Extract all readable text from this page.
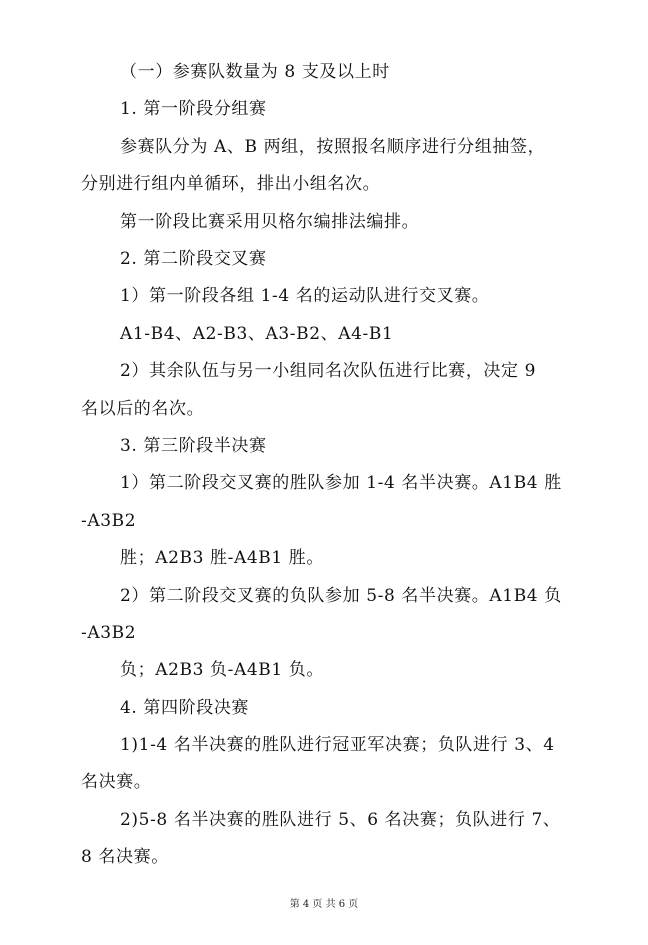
（一）参赛队数量为 8 支及以上时
1. 第一阶段分组赛
参赛队分为 A、B 两组，按照报名顺序进行分组抽签，
分别进行组内单循环，排出小组名次。
第一阶段比赛采用贝格尔编排法编排。
2. 第二阶段交叉赛
1）第一阶段各组 1-4 名的运动队进行交叉赛。
A1-B4、A2-B3、A3-B2、A4-B1
2）其余队伍与另一小组同名次队伍进行比赛，决定 9
名以后的名次。
3. 第三阶段半决赛
1）第二阶段交叉赛的胜队参加 1-4 名半决赛。A1B4 胜
-A3B2
胜；A2B3 胜-A4B1 胜。
2）第二阶段交叉赛的负队参加 5-8 名半决赛。A1B4 负
-A3B2
负；A2B3 负-A4B1 负。
4. 第四阶段决赛
1)1-4 名半决赛的胜队进行冠亚军决赛；负队进行 3、4
名决赛。
2)5-8 名半决赛的胜队进行 5、6 名决赛；负队进行 7、
8 名决赛。
第 4 页 共 6 页
